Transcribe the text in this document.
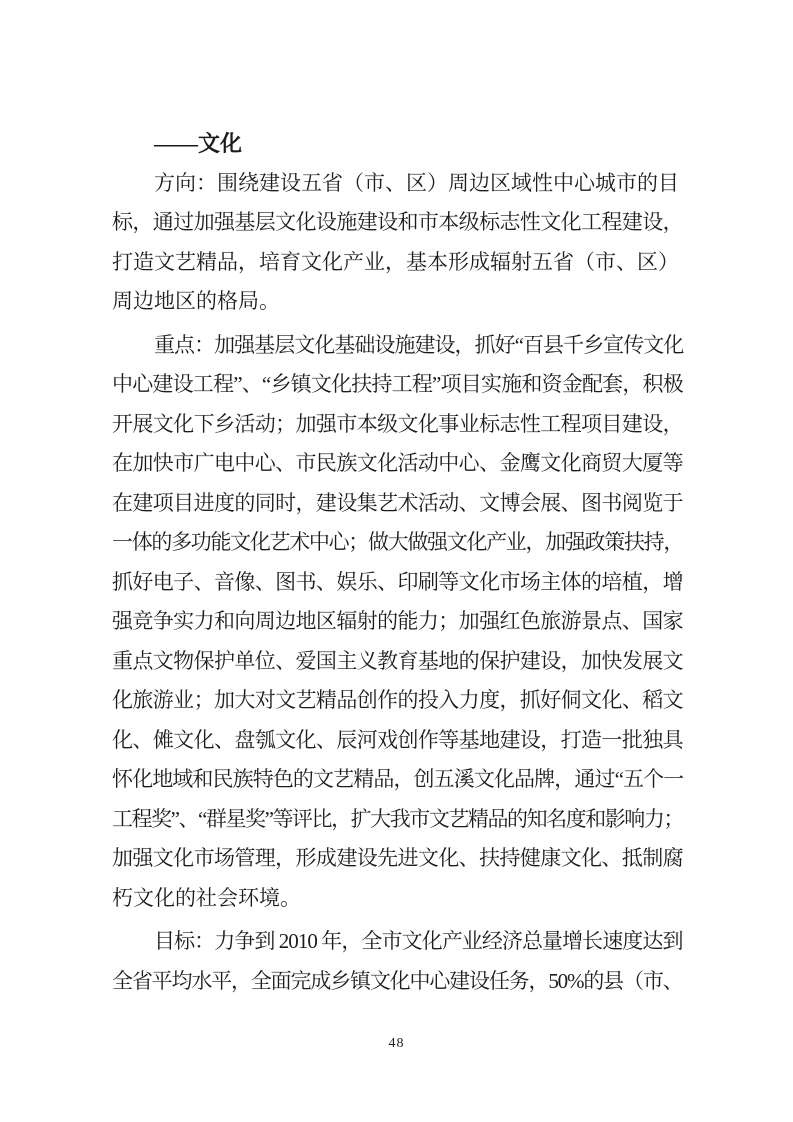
——文化
方向：围绕建设五省（市、区）周边区域性中心城市的目
标，通过加强基层文化设施建设和市本级标志性文化工程建设，
打造文艺精品，培育文化产业，基本形成辐射五省（市、区）
周边地区的格局。
重点：加强基层文化基础设施建设，抓好“百县千乡宣传文化
中心建设工程”、“乡镇文化扶持工程”项目实施和资金配套，积极
开展文化下乡活动；加强市本级文化事业标志性工程项目建设，
在加快市广电中心、市民族文化活动中心、金鹰文化商贸大厦等
在建项目进度的同时，建设集艺术活动、文博会展、图书阅览于
一体的多功能文化艺术中心；做大做强文化产业，加强政策扶持，
抓好电子、音像、图书、娱乐、印刷等文化市场主体的培植，增
强竞争实力和向周边地区辐射的能力；加强红色旅游景点、国家
重点文物保护单位、爱国主义教育基地的保护建设，加快发展文
化旅游业；加大对文艺精品创作的投入力度，抓好侗文化、稻文
化、傩文化、盘瓠文化、辰河戏创作等基地建设，打造一批独具
怀化地域和民族特色的文艺精品，创五溪文化品牌，通过“五个一
工程奖”、“群星奖”等评比，扩大我市文艺精品的知名度和影响力；
加强文化市场管理，形成建设先进文化、扶持健康文化、抵制腐
朽文化的社会环境。
目标：力争到 2010 年，全市文化产业经济总量增长速度达到
全省平均水平，全面完成乡镇文化中心建设任务，50%的县（市、
48
